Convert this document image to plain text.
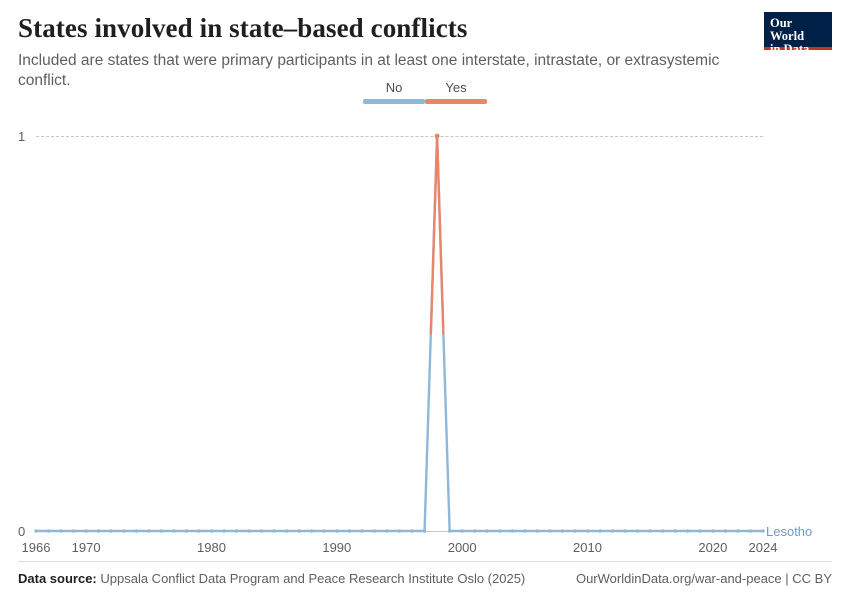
States involved in state–based conflicts

Included are states that were primary participants in at least one interstate, intrastate, or extrasystemic conflict.

Our World
in Data
No	Yes
1
0	Lesotho
1966 1970	1980	1990	2000	2010	2020 2024
Data source: Uppsala Conflict Data Program and Peace Research Institute Oslo (2025)	OurWorldinData.org/war-and-peace | CC BY
